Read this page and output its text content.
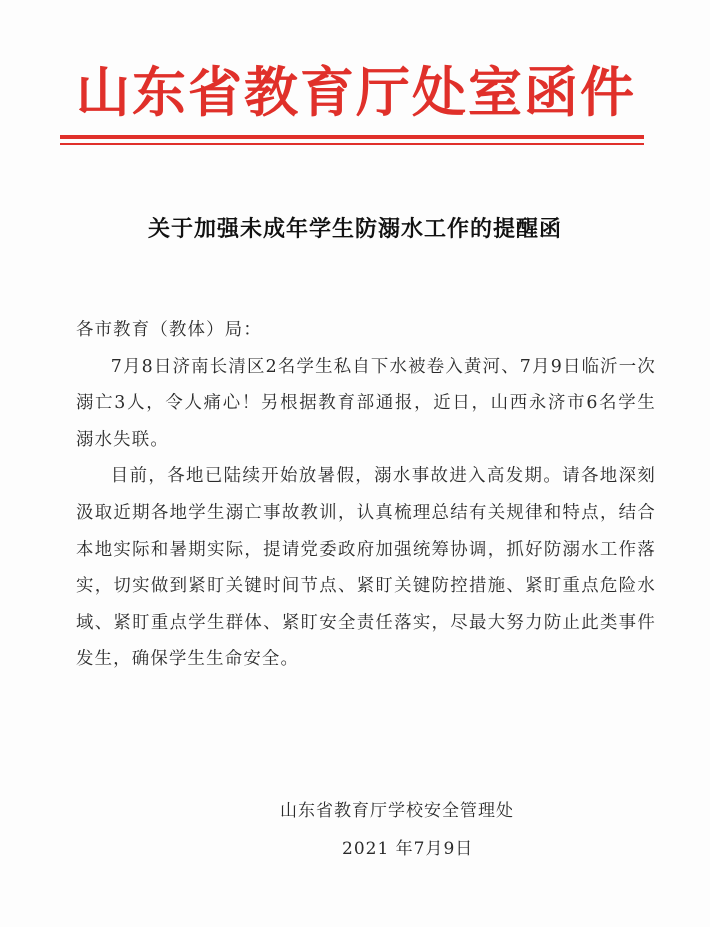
山东省教育厅处室函件
关于加强未成年学生防溺水工作的提醒函

各市教育（教体）局：

7月8日济南长清区2名学生私自下水被卷入黄河、7月9日临沂一次溺亡3人，令人痛心！另根据教育部通报，近日，山西永济市6名学生溺水失联。

目前，各地已陆续开始放暑假，溺水事故进入高发期。请各地深刻汲取近期各地学生溺亡事故教训，认真梳理总结有关规律和特点，结合本地实际和暑期实际，提请党委政府加强统筹协调，抓好防溺水工作落实，切实做到紧盯关键时间节点、紧盯关键防控措施、紧盯重点危险水域、紧盯重点学生群体、紧盯安全责任落实，尽最大努力防止此类事件发生，确保学生生命安全。

山东省教育厅学校安全管理处
2021 年7月9日
